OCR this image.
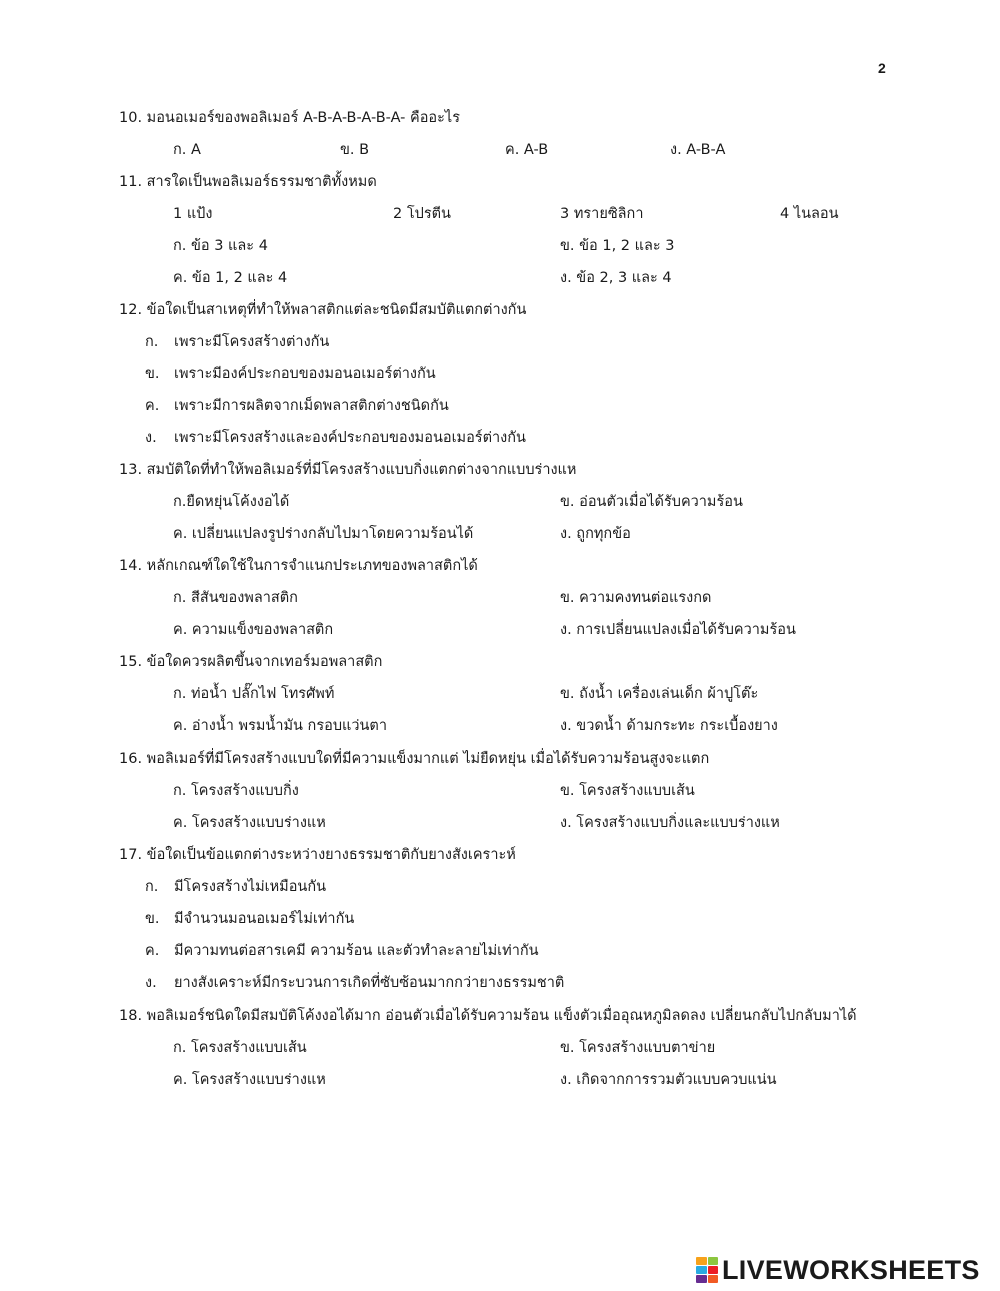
2
10. มอนอเมอร์ของพอลิเมอร์ A-B-A-B-A-B-A- คืออะไร
ก. A	ข. B	ค. A-B	ง. A-B-A
11. สารใดเป็นพอลิเมอร์ธรรมชาติทั้งหมด
1 แป้ง	2 โปรตีน	3 ทรายซิลิกา	4 ไนลอน
ก. ข้อ 3 และ 4	ข. ข้อ 1, 2 และ 3
ค. ข้อ 1, 2 และ 4	ง. ข้อ 2, 3 และ 4
12. ข้อใดเป็นสาเหตุที่ทำให้พลาสติกแต่ละชนิดมีสมบัติแตกต่างกัน
ก. เพราะมีโครงสร้างต่างกัน
ข. เพราะมีองค์ประกอบของมอนอเมอร์ต่างกัน
ค. เพราะมีการผลิตจากเม็ดพลาสติกต่างชนิดกัน
ง. เพราะมีโครงสร้างและองค์ประกอบของมอนอเมอร์ต่างกัน
13. สมบัติใดที่ทำให้พอลิเมอร์ที่มีโครงสร้างแบบกิ่งแตกต่างจากแบบร่างแห
ก.ยืดหยุ่นโค้งงอได้	ข. อ่อนตัวเมื่อได้รับความร้อน
ค. เปลี่ยนแปลงรูปร่างกลับไปมาโดยความร้อนได้	ง. ถูกทุกข้อ
14. หลักเกณฑ์ใดใช้ในการจำแนกประเภทของพลาสติกได้
ก. สีสันของพลาสติก	ข. ความคงทนต่อแรงกด
ค. ความแข็งของพลาสติก	ง. การเปลี่ยนแปลงเมื่อได้รับความร้อน
15. ข้อใดควรผลิตขึ้นจากเทอร์มอพลาสติก
ก. ท่อน้ำ ปลั๊กไฟ โทรศัพท์	ข. ถังน้ำ เครื่องเล่นเด็ก ผ้าปูโต๊ะ
ค. อ่างน้ำ พรมน้ำมัน กรอบแว่นตา	ง. ขวดน้ำ ด้ามกระทะ กระเบื้องยาง
16. พอลิเมอร์ที่มีโครงสร้างแบบใดที่มีความแข็งมากแต่ ไม่ยืดหยุ่น เมื่อได้รับความร้อนสูงจะแตก
ก. โครงสร้างแบบกิ่ง	ข. โครงสร้างแบบเส้น
ค. โครงสร้างแบบร่างแห	ง. โครงสร้างแบบกิ่งและแบบร่างแห
17. ข้อใดเป็นข้อแตกต่างระหว่างยางธรรมชาติกับยางสังเคราะห์
ก. มีโครงสร้างไม่เหมือนกัน
ข. มีจำนวนมอนอเมอร์ไม่เท่ากัน
ค. มีความทนต่อสารเคมี ความร้อน และตัวทำละลายไม่เท่ากัน
ง. ยางสังเคราะห์มีกระบวนการเกิดที่ซับซ้อนมากกว่ายางธรรมชาติ
18. พอลิเมอร์ชนิดใดมีสมบัติโค้งงอได้มาก อ่อนตัวเมื่อได้รับความร้อน แข็งตัวเมื่ออุณหภูมิลดลง เปลี่ยนกลับไปกลับมาได้
ก. โครงสร้างแบบเส้น	ข. โครงสร้างแบบตาข่าย
ค. โครงสร้างแบบร่างแห	ง. เกิดจากการรวมตัวแบบควบแน่น
LIVEWORKSHEETS
